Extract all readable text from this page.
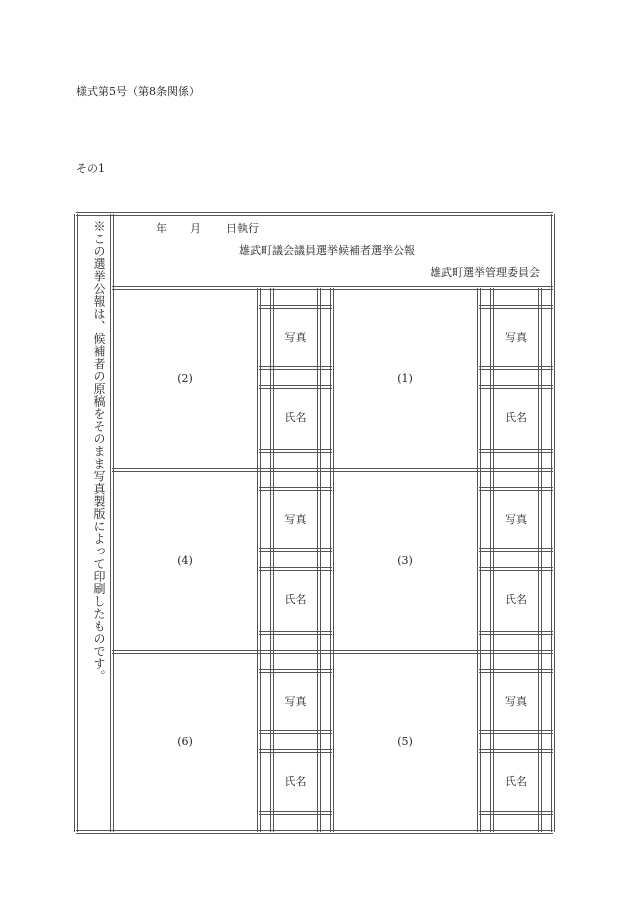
様式第5号（第8条関係）
その1
※この選挙公報は、候補者の原稿をそのまま写真製版によって印刷したものです。	年 月 日執行
雄武町議会議員選挙候補者選挙公報
雄武町選挙管理委員会
(2)
写真
氏名
(1)
写真
氏名
(4)
写真
氏名
(3)
写真
氏名
(6)
写真
氏名
(5)
写真
氏名
